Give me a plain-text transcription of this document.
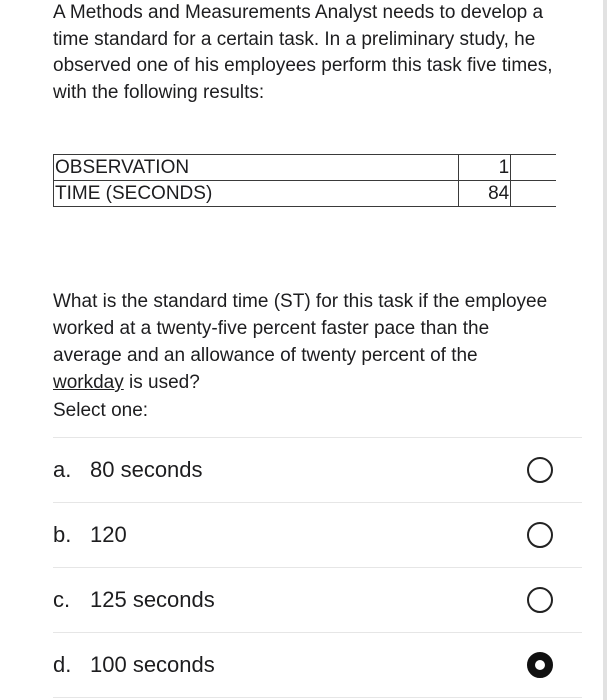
A Methods and Measurements Analyst needs to develop a time standard for a certain task. In a preliminary study, he observed one of his employees perform this task five times, with the following results:
OBSERVATION	1	
TIME (SECONDS)	84	
What is the standard time (ST) for this task if the employee worked at a twenty-five percent faster pace than the average and an allowance of twenty percent of the workday is used?
Select one:
a. 80 seconds
b. 120
c. 125 seconds
d. 100 seconds
